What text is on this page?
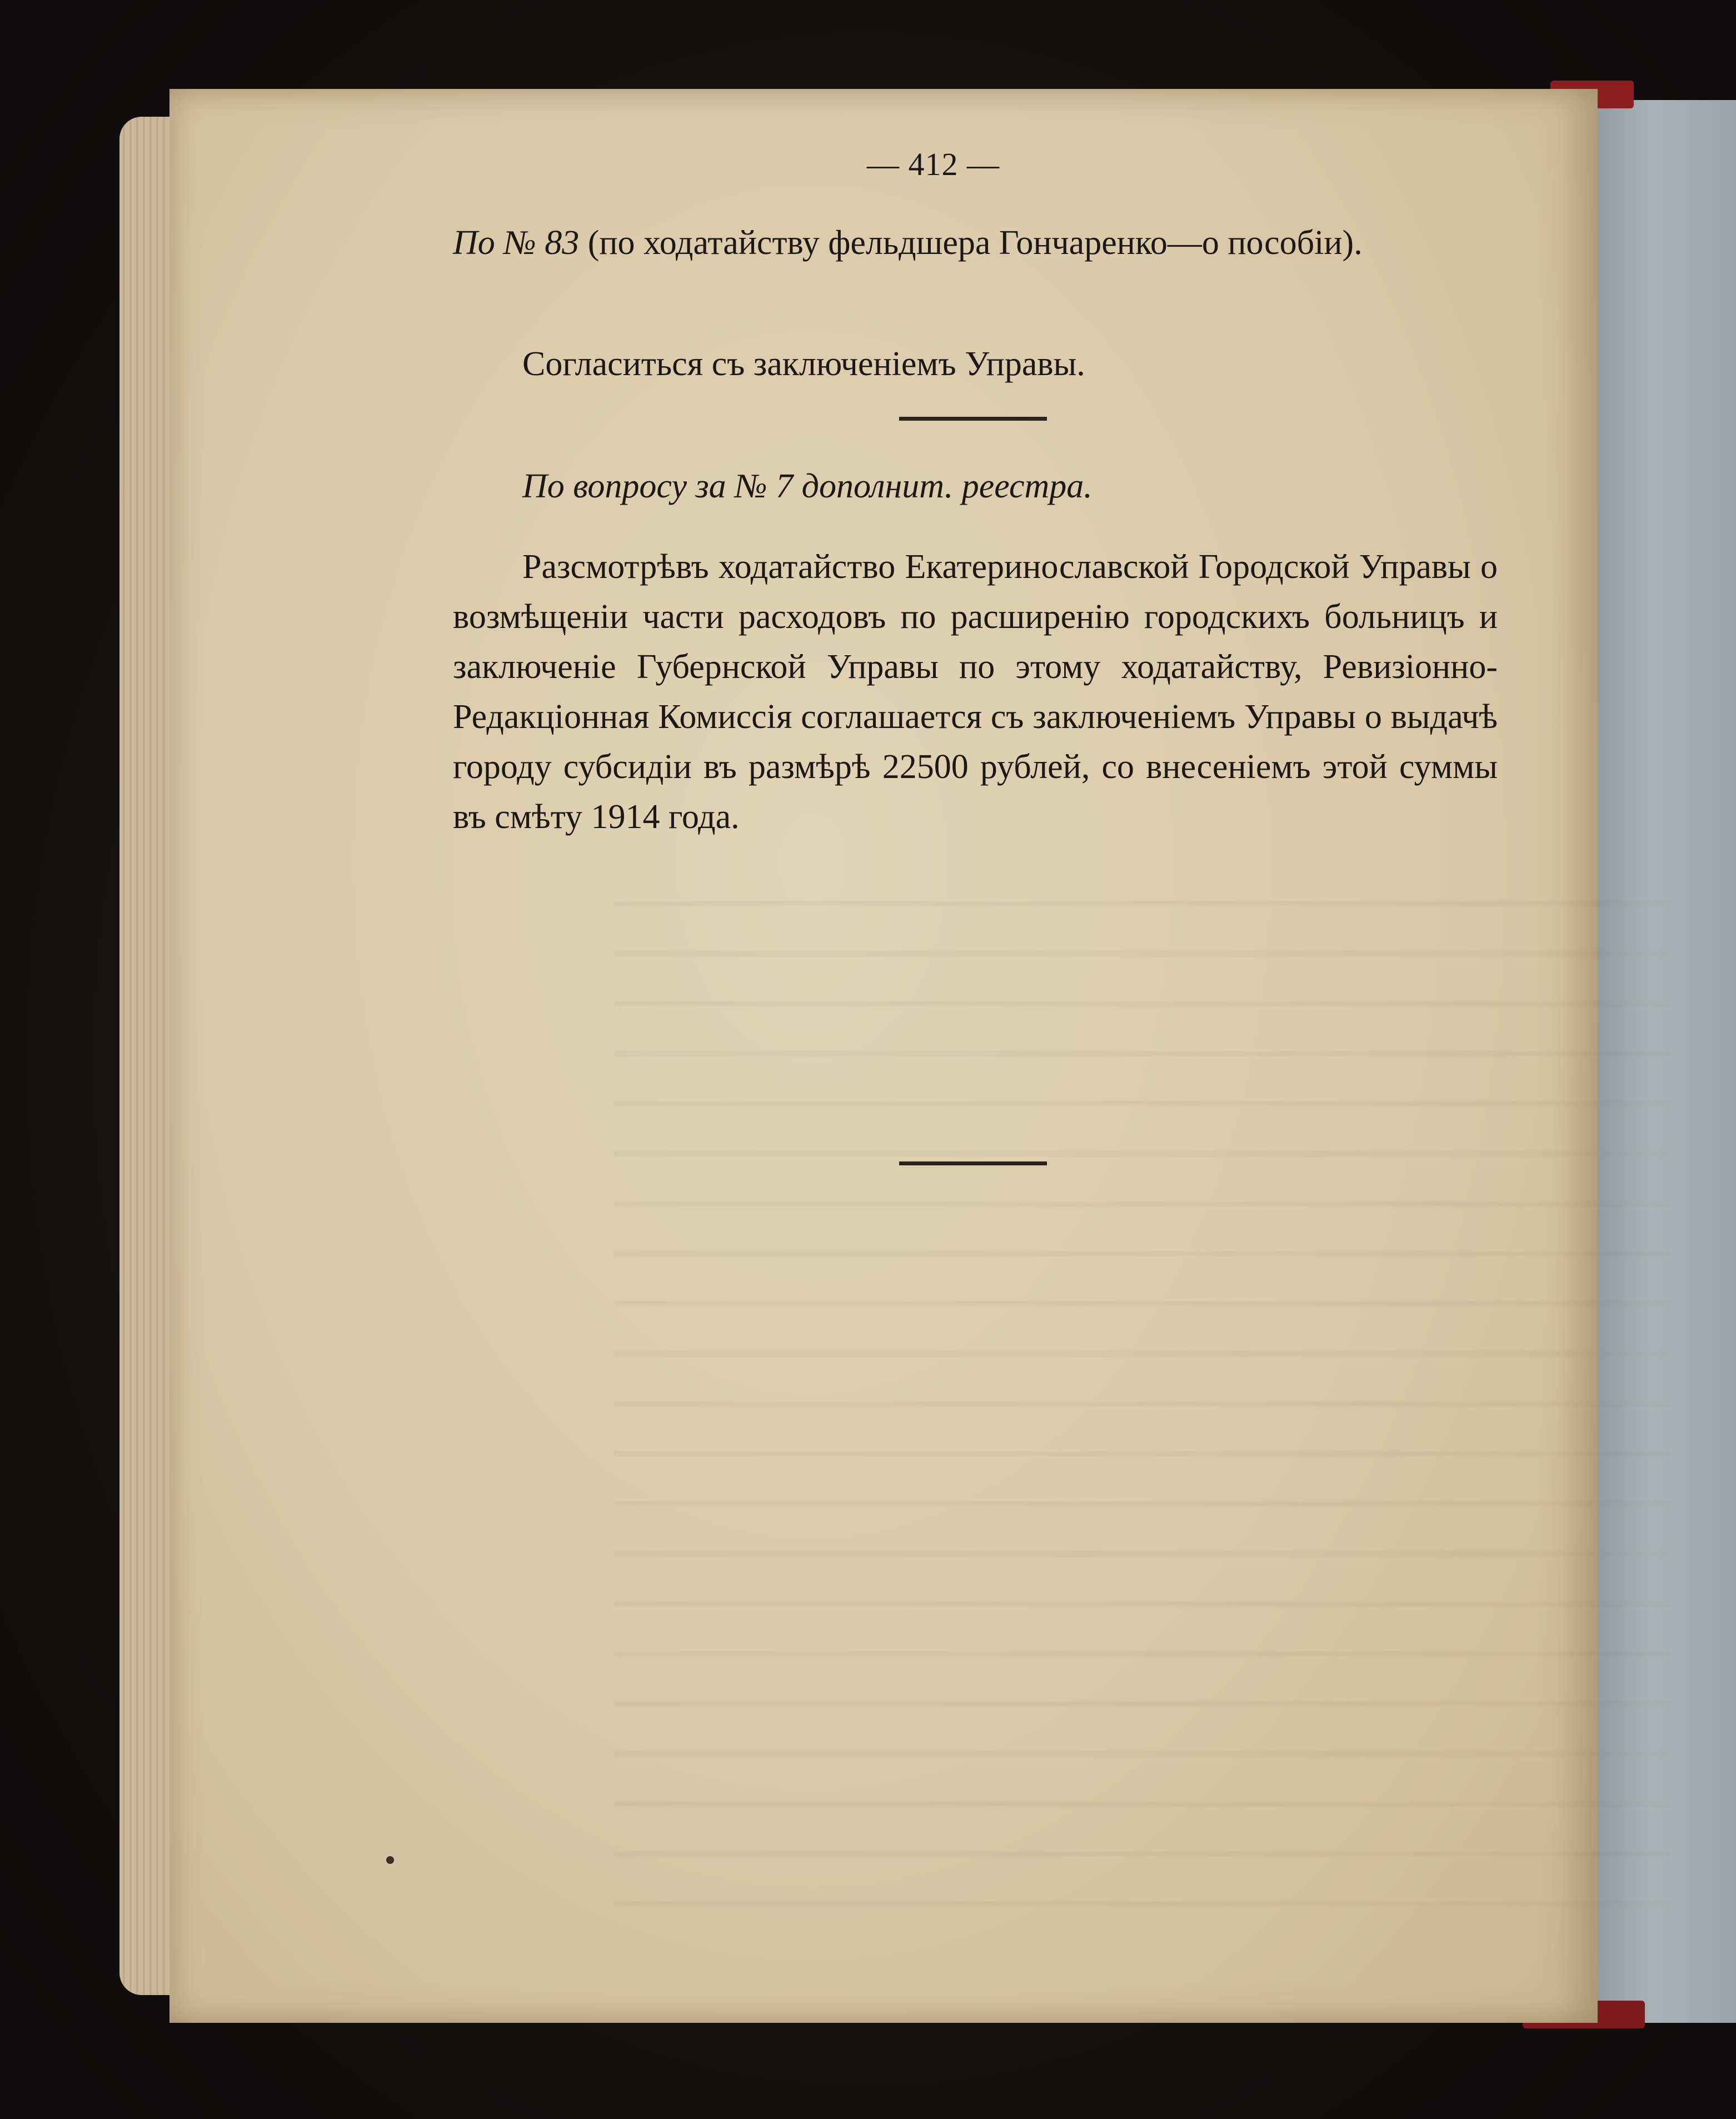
— 412 —
По № 83 (по ходатайству фельдшера Гончаренко—о пособіи).
Согласиться съ заключеніемъ Управы.
По вопросу за № 7 дополнит. реестра.
Разсмотрѣвъ ходатайство Екатеринославской Городской Управы о возмѣщеніи части расходовъ по расширенію городскихъ больницъ и заключеніе Губернской Управы по этому ходатайству, Ревизіонно-Редакціонная Комиссія соглашается съ заключеніемъ Управы о выдачѣ городу субсидіи въ размѣрѣ 22500 рублей, со внесеніемъ этой суммы въ смѣту 1914 года.
